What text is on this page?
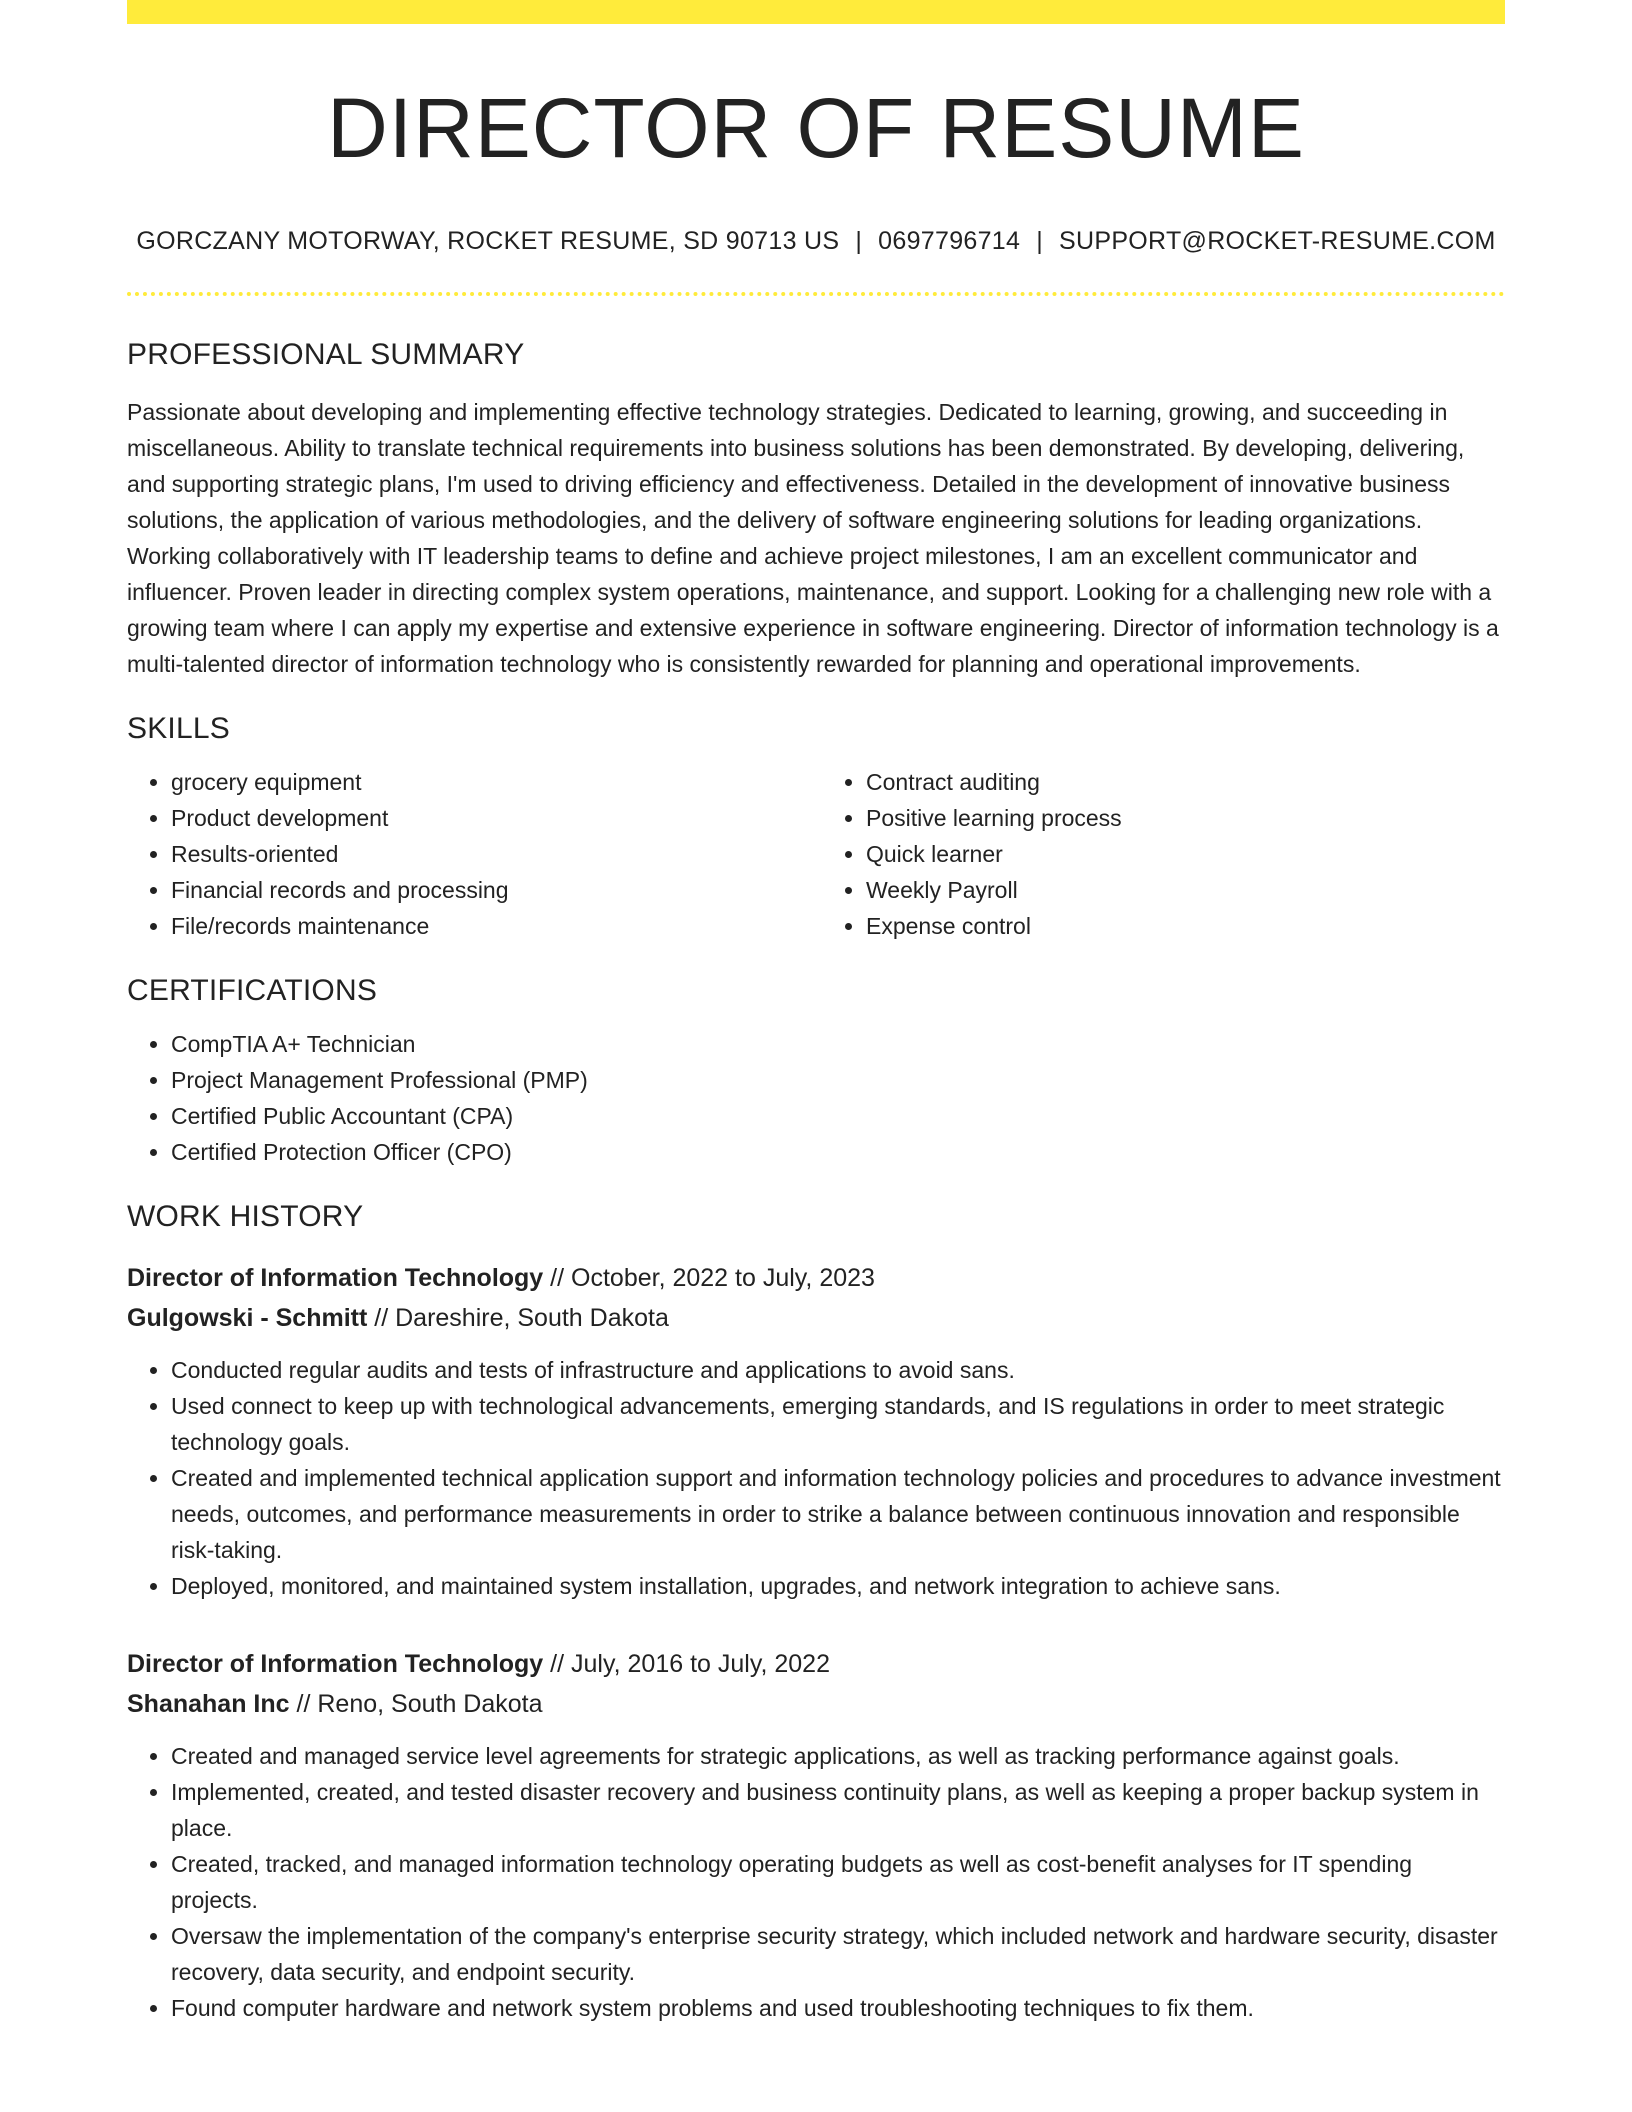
DIRECTOR OF RESUME
GORCZANY MOTORWAY, ROCKET RESUME, SD 90713 US | 0697796714 | SUPPORT@ROCKET-RESUME.COM
PROFESSIONAL SUMMARY
Passionate about developing and implementing effective technology strategies. Dedicated to learning, growing, and succeeding in miscellaneous. Ability to translate technical requirements into business solutions has been demonstrated. By developing, delivering, and supporting strategic plans, I'm used to driving efficiency and effectiveness. Detailed in the development of innovative business solutions, the application of various methodologies, and the delivery of software engineering solutions for leading organizations. Working collaboratively with IT leadership teams to define and achieve project milestones, I am an excellent communicator and influencer. Proven leader in directing complex system operations, maintenance, and support. Looking for a challenging new role with a growing team where I can apply my expertise and extensive experience in software engineering. Director of information technology is a multi-talented director of information technology who is consistently rewarded for planning and operational improvements.
SKILLS
• grocery equipment
• Product development
• Results-oriented
• Financial records and processing
• File/records maintenance
• Contract auditing
• Positive learning process
• Quick learner
• Weekly Payroll
• Expense control
CERTIFICATIONS
• CompTIA A+ Technician
• Project Management Professional (PMP)
• Certified Public Accountant (CPA)
• Certified Protection Officer (CPO)
WORK HISTORY
Director of Information Technology // October, 2022 to July, 2023
Gulgowski - Schmitt // Dareshire, South Dakota
• Conducted regular audits and tests of infrastructure and applications to avoid sans.
• Used connect to keep up with technological advancements, emerging standards, and IS regulations in order to meet strategic technology goals.
• Created and implemented technical application support and information technology policies and procedures to advance investment needs, outcomes, and performance measurements in order to strike a balance between continuous innovation and responsible risk-taking.
• Deployed, monitored, and maintained system installation, upgrades, and network integration to achieve sans.
Director of Information Technology // July, 2016 to July, 2022
Shanahan Inc // Reno, South Dakota
• Created and managed service level agreements for strategic applications, as well as tracking performance against goals.
• Implemented, created, and tested disaster recovery and business continuity plans, as well as keeping a proper backup system in place.
• Created, tracked, and managed information technology operating budgets as well as cost-benefit analyses for IT spending projects.
• Oversaw the implementation of the company's enterprise security strategy, which included network and hardware security, disaster recovery, data security, and endpoint security.
• Found computer hardware and network system problems and used troubleshooting techniques to fix them.
